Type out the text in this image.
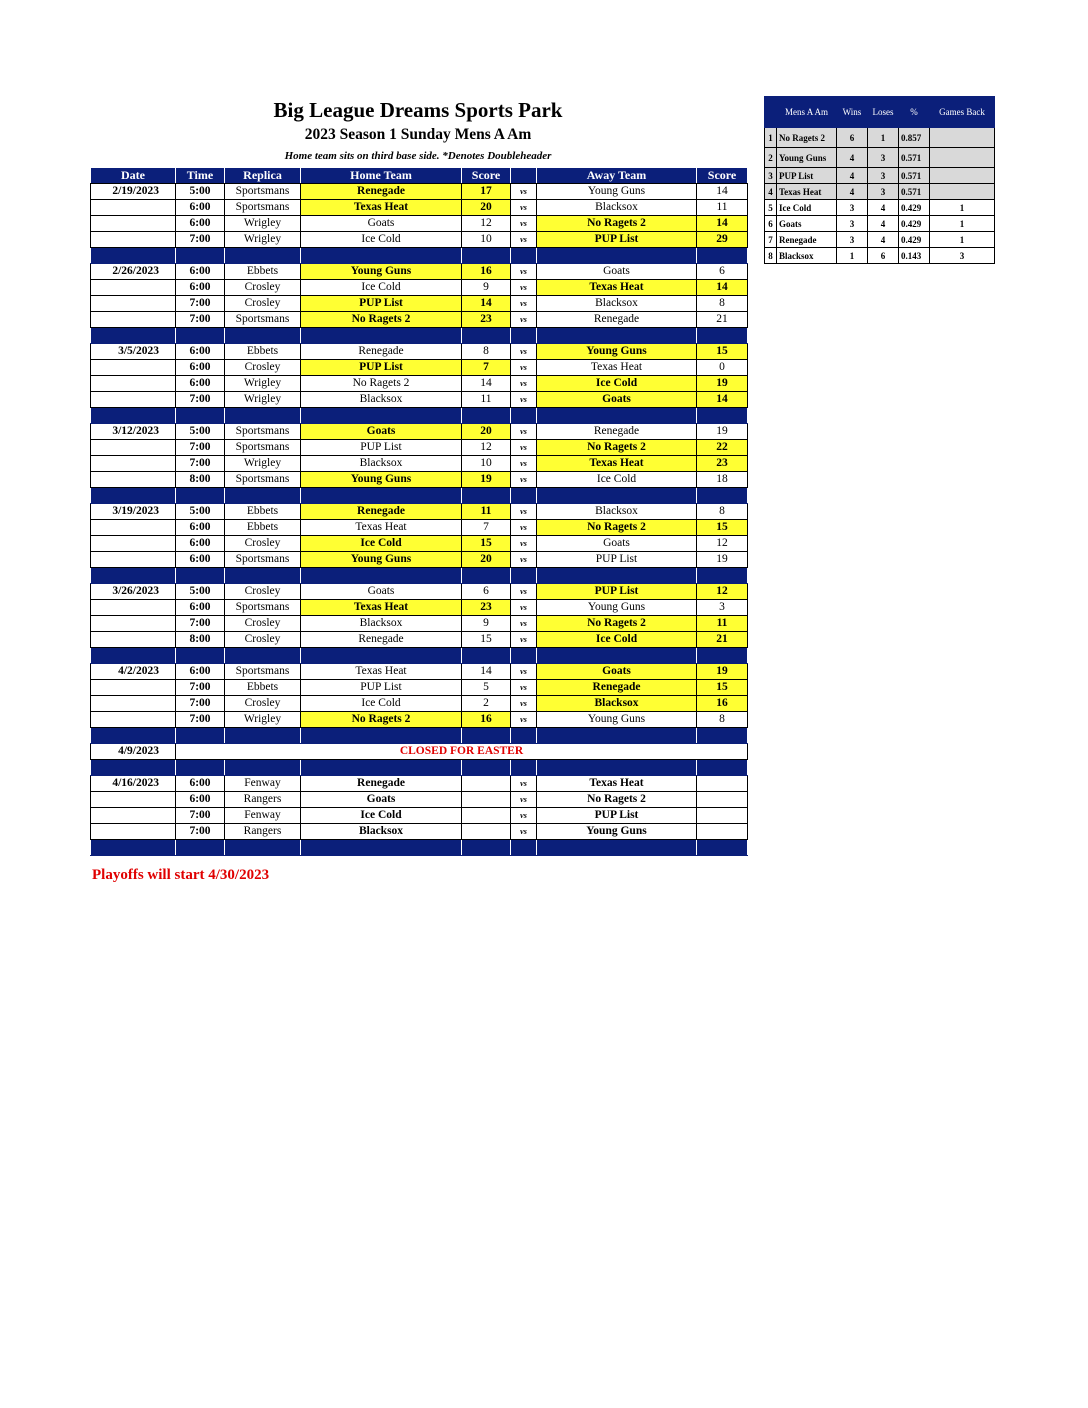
Big League Dreams Sports Park
2023 Season 1 Sunday Mens A Am
Home team sits on third base side. *Denotes Doubleheader
Date	Time	Replica	Home Team	Score		Away Team	Score
2/19/2023	5:00	Sportsmans	Renegade	17	vs	Young Guns	14
	6:00	Sportsmans	Texas Heat	20	vs	Blacksox	11
	6:00	Wrigley	Goats	12	vs	No Ragets 2	14
	7:00	Wrigley	Ice Cold	10	vs	PUP List	29

2/26/2023	6:00	Ebbets	Young Guns	16	vs	Goats	6
	6:00	Crosley	Ice Cold	9	vs	Texas Heat	14
	7:00	Crosley	PUP List	14	vs	Blacksox	8
	7:00	Sportsmans	No Ragets 2	23	vs	Renegade	21

3/5/2023	6:00	Ebbets	Renegade	8	vs	Young Guns	15
	6:00	Crosley	PUP List	7	vs	Texas Heat	0
	6:00	Wrigley	No Ragets 2	14	vs	Ice Cold	19
	7:00	Wrigley	Blacksox	11	vs	Goats	14

3/12/2023	5:00	Sportsmans	Goats	20	vs	Renegade	19
	7:00	Sportsmans	PUP List	12	vs	No Ragets 2	22
	7:00	Wrigley	Blacksox	10	vs	Texas Heat	23
	8:00	Sportsmans	Young Guns	19	vs	Ice Cold	18

3/19/2023	5:00	Ebbets	Renegade	11	vs	Blacksox	8
	6:00	Ebbets	Texas Heat	7	vs	No Ragets 2	15
	6:00	Crosley	Ice Cold	15	vs	Goats	12
	6:00	Sportsmans	Young Guns	20	vs	PUP List	19

3/26/2023	5:00	Crosley	Goats	6	vs	PUP List	12
	6:00	Sportsmans	Texas Heat	23	vs	Young Guns	3
	7:00	Crosley	Blacksox	9	vs	No Ragets 2	11
	8:00	Crosley	Renegade	15	vs	Ice Cold	21

4/2/2023	6:00	Sportsmans	Texas Heat	14	vs	Goats	19
	7:00	Ebbets	PUP List	5	vs	Renegade	15
	7:00	Crosley	Ice Cold	2	vs	Blacksox	16
	7:00	Wrigley	No Ragets 2	16	vs	Young Guns	8

4/9/2023	CLOSED FOR EASTER						

4/16/2023	6:00	Fenway	Renegade		vs	Texas Heat	
	6:00	Rangers	Goats		vs	No Ragets 2	
	7:00	Fenway	Ice Cold		vs	PUP List	
	7:00	Rangers	Blacksox		vs	Young Guns	

Playoffs will start 4/30/2023
	Mens A Am	Wins	Loses	%	Games Back
1	No Ragets 2	6	1	0.857	
2	Young Guns	4	3	0.571	
3	PUP List	4	3	0.571	
4	Texas Heat	4	3	0.571	
5	Ice Cold	3	4	0.429	1
6	Goats	3	4	0.429	1
7	Renegade	3	4	0.429	1
8	Blacksox	1	6	0.143	3
